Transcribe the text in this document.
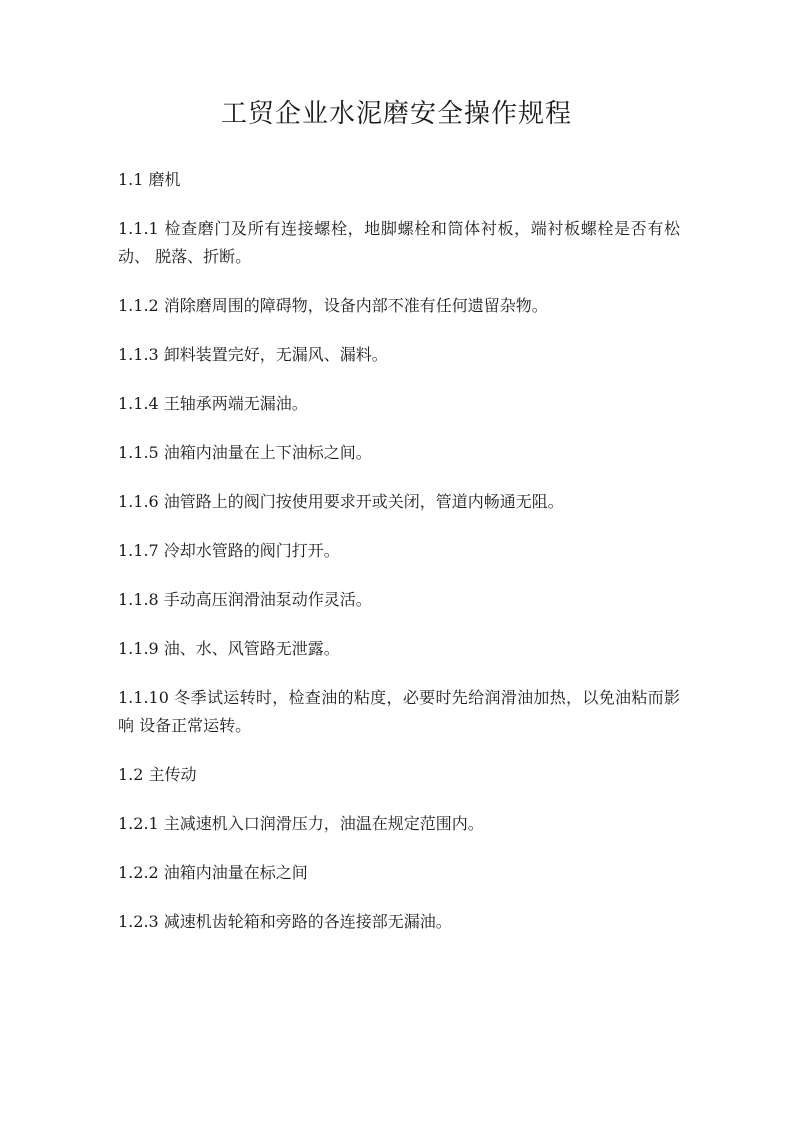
工贸企业水泥磨安全操作规程

1.1 磨机

1.1.1 检查磨门及所有连接螺栓，地脚螺栓和筒体衬板，端衬板螺栓是否有松动、 脱落、折断。

1.1.2 消除磨周围的障碍物，设备内部不准有任何遗留杂物。

1.1.3 卸料装置完好，无漏风、漏料。

1.1.4 王轴承两端无漏油。

1.1.5 油箱内油量在上下油标之间。

1.1.6 油管路上的阀门按使用要求开或关闭，管道内畅通无阻。

1.1.7 冷却水管路的阀门打开。

1.1.8 手动高压润滑油泵动作灵活。

1.1.9 油、水、风管路无泄露。

1.1.10 冬季试运转时，检查油的粘度，必要时先给润滑油加热，以免油粘而影响 设备正常运转。

1.2 主传动

1.2.1 主减速机入口润滑压力，油温在规定范围内。

1.2.2 油箱内油量在标之间

1.2.3 减速机齿轮箱和旁路的各连接部无漏油。
